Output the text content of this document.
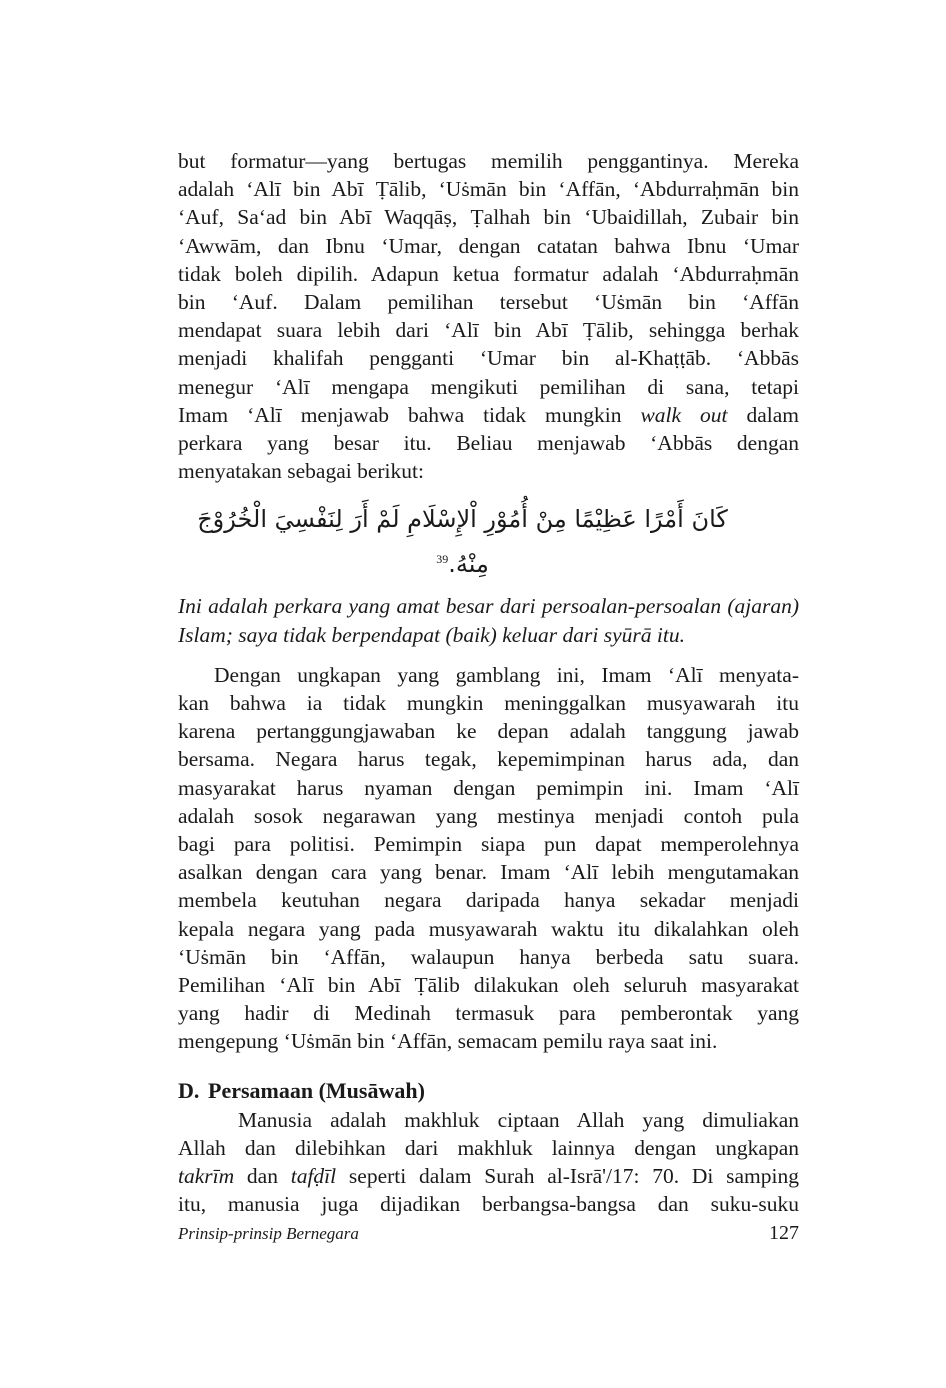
but formatur—yang bertugas memilih penggantinya. Mereka
adalah ‘Alī bin Abī Ṭālib, ‘Uṡmān bin ‘Affān, ‘Abdurraḥmān bin
‘Auf, Sa‘ad bin Abī Waqqāṣ, Ṭalhah bin ‘Ubaidillah, Zubair bin
‘Awwām, dan Ibnu ‘Umar, dengan catatan bahwa Ibnu ‘Umar
tidak boleh dipilih. Adapun ketua formatur adalah ‘Abdurraḥmān
bin ‘Auf. Dalam pemilihan tersebut ‘Uṡmān bin ‘Affān
mendapat suara lebih dari ‘Alī bin Abī Ṭālib, sehingga berhak
menjadi khalifah pengganti ‘Umar bin al-Khaṭṭāb. ‘Abbās
menegur ‘Alī mengapa mengikuti pemilihan di sana, tetapi
Imam ‘Alī menjawab bahwa tidak mungkin walk out dalam
perkara yang besar itu. Beliau menjawab ‘Abbās dengan
menyatakan sebagai berikut:
كَانَ أَمْرًا عَظِيْمًا مِنْ أُمُوْرِ اْلإِسْلَامِ لَمْ أَرَ لِنَفْسِيَ الْخُرُوْجَ مِنْهُ.$^{39}$
Ini adalah perkara yang amat besar dari persoalan-persoalan (ajaran)
Islam; saya tidak berpendapat (baik) keluar dari syūrā itu.
Dengan ungkapan yang gamblang ini, Imam ‘Alī menyata-
kan bahwa ia tidak mungkin meninggalkan musyawarah itu
karena pertanggungjawaban ke depan adalah tanggung jawab
bersama. Negara harus tegak, kepemimpinan harus ada, dan
masyarakat harus nyaman dengan pemimpin ini. Imam ‘Alī
adalah sosok negarawan yang mestinya menjadi contoh pula
bagi para politisi. Pemimpin siapa pun dapat memperolehnya
asalkan dengan cara yang benar. Imam ‘Alī lebih mengutamakan
membela keutuhan negara daripada hanya sekadar menjadi
kepala negara yang pada musyawarah waktu itu dikalahkan oleh
‘Uṡmān bin ‘Affān, walaupun hanya berbeda satu suara.
Pemilihan ‘Alī bin Abī Ṭālib dilakukan oleh seluruh masyarakat
yang hadir di Medinah termasuk para pemberontak yang
mengepung ‘Uṡmān bin ‘Affān, semacam pemilu raya saat ini.
D. Persamaan (Musāwah)
Manusia adalah makhluk ciptaan Allah yang dimuliakan
Allah dan dilebihkan dari makhluk lainnya dengan ungkapan
takrīm dan tafḍīl seperti dalam Surah al-Isrā'/17: 70. Di samping
itu, manusia juga dijadikan berbangsa-bangsa dan suku-suku
Prinsip-prinsip Bernegara	127
